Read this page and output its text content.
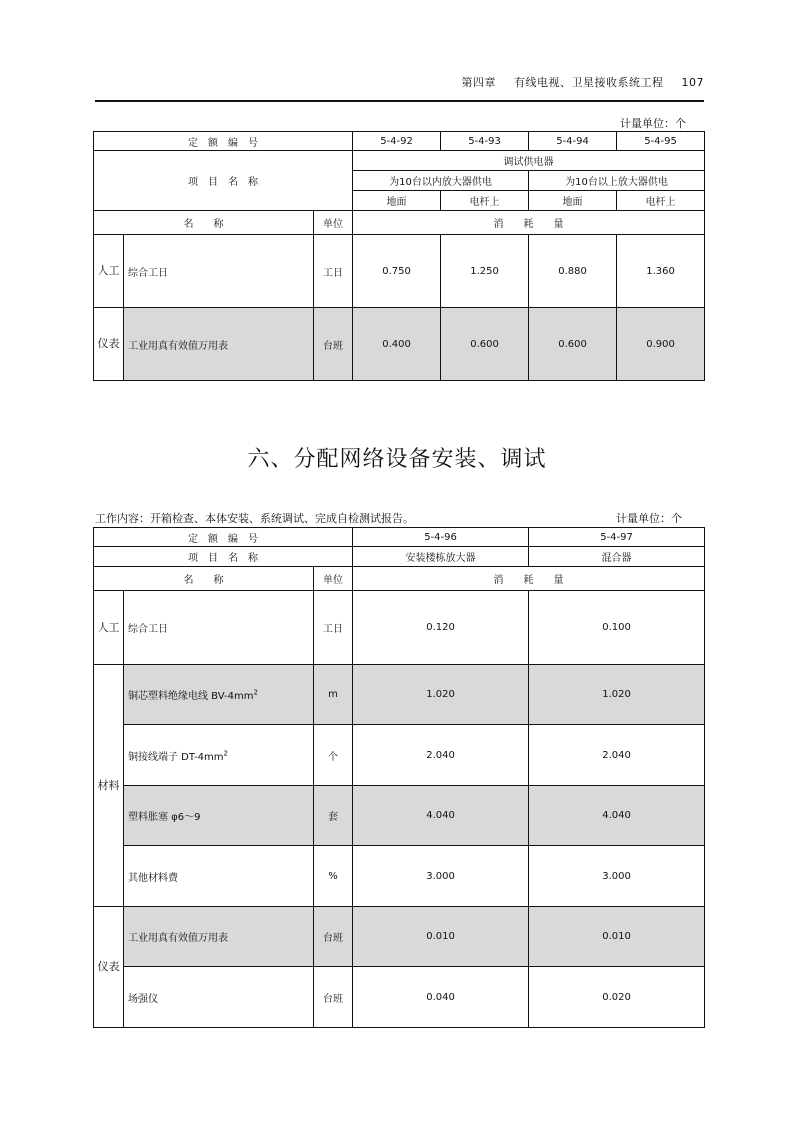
第四章 有线电视、卫星接收系统工程 107
计量单位：个
定　额　编　号			5-4-92	5-4-93	5-4-94	5-4-95
项　目　名　称			调试供电器			
			为10台以内放大器供电		为10台以上放大器供电	
			地面	电杆上	地面	电杆上
名　　称		单位	消　　耗　　量			
人工	综合工日	工日	0.750	1.250	0.880	1.360
仪表	工业用真有效值万用表	台班	0.400	0.600	0.600	0.900
六、分配网络设备安装、调试
工作内容：开箱检查、本体安装、系统调试、完成自检测试报告。	计量单位：个
定　额　编　号			5-4-96	5-4-97
项　目　名　称			安装楼栋放大器	混合器
名　　称		单位	消　　耗　　量	
人工	综合工日	工日	0.120	0.100
材料	铜芯塑料绝缘电线 $BV-4mm^2$	m	1.020	1.020
	铜接线端子 $DT-4mm^2$	个	2.040	2.040
	塑料胀塞 φ6～9	套	4.040	4.040
	其他材料费	%	3.000	3.000
仪表	工业用真有效值万用表	台班	0.010	0.010
	场强仪	台班	0.040	0.020
